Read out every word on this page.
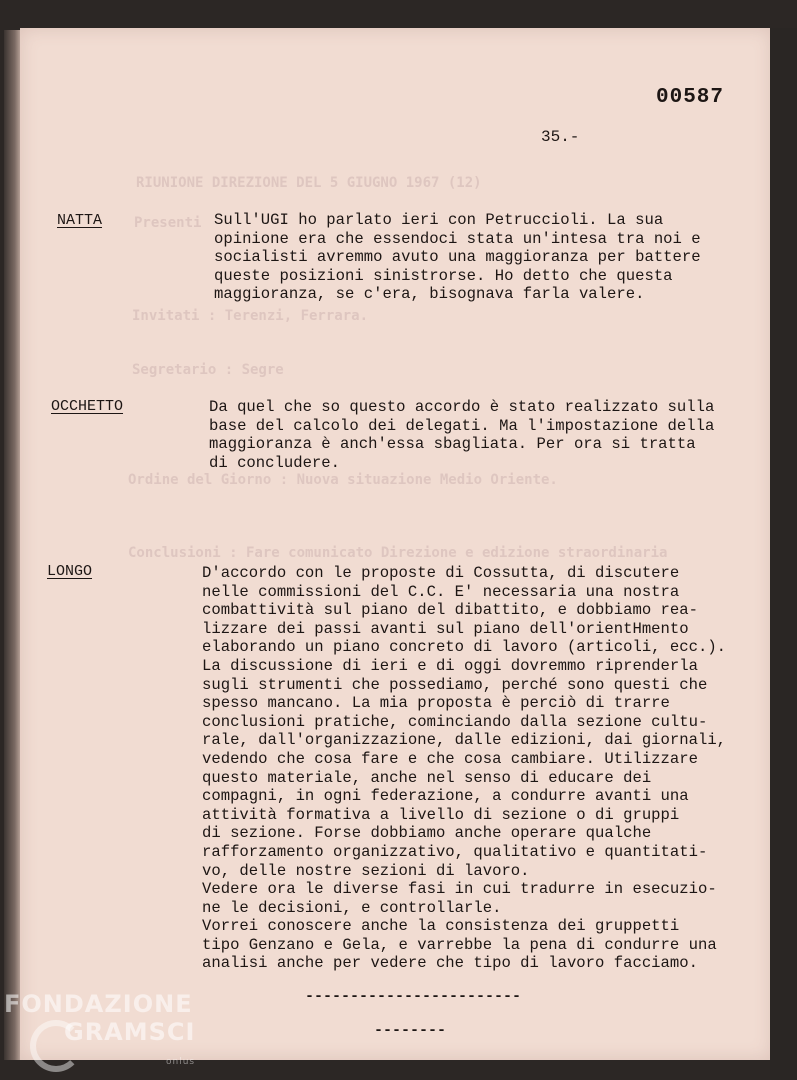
RIUNIONE DIREZIONE DEL 5 GIUGNO 1967 (12)
Presenti
Invitati : Terenzi, Ferrara.
Segretario : Segre
Ordine del Giorno : Nuova situazione Medio Oriente.
Conclusioni : Fare comunicato Direzione e edizione straordinaria
00587
35.-
NATTA	Sull'UGI ho parlato ieri con Petruccioli. La sua
opinione era che essendoci stata un'intesa tra noi e
socialisti avremmo avuto una maggioranza per battere
queste posizioni sinistrorse. Ho detto che questa
maggioranza, se c'era, bisognava farla valere.
OCCHETTO	Da quel che so questo accordo è stato realizzato sulla
base del calcolo dei delegati. Ma l'impostazione della
maggioranza è anch'essa sbagliata. Per ora si tratta
di concludere.
LONGO	D'accordo con le proposte di Cossutta, di discutere
nelle commissioni del C.C. E' necessaria una nostra
combattività sul piano del dibattito, e dobbiamo rea-
lizzare dei passi avanti sul piano dell'orientHmento
elaborando un piano concreto di lavoro (articoli, ecc.).
La discussione di ieri e di oggi dovremmo riprenderla
sugli strumenti che possediamo, perché sono questi che
spesso mancano. La mia proposta è perciò di trarre
conclusioni pratiche, cominciando dalla sezione cultu-
rale, dall'organizzazione, dalle edizioni, dai giornali,
vedendo che cosa fare e che cosa cambiare. Utilizzare
questo materiale, anche nel senso di educare dei
compagni, in ogni federazione, a condurre avanti una
attività formativa a livello di sezione o di gruppi
di sezione. Forse dobbiamo anche operare qualche
rafforzamento organizzativo, qualitativo e quantitati-
vo, delle nostre sezioni di lavoro.
Vedere ora le diverse fasi in cui tradurre in esecuzio-
ne le decisioni, e controllarle.
Vorrei conoscere anche la consistenza dei gruppetti
tipo Genzano e Gela, e varrebbe la pena di condurre una
analisi anche per vedere che tipo di lavoro facciamo.
------------------------
--------
FONDAZIONE
GRAMSCI
onlus
